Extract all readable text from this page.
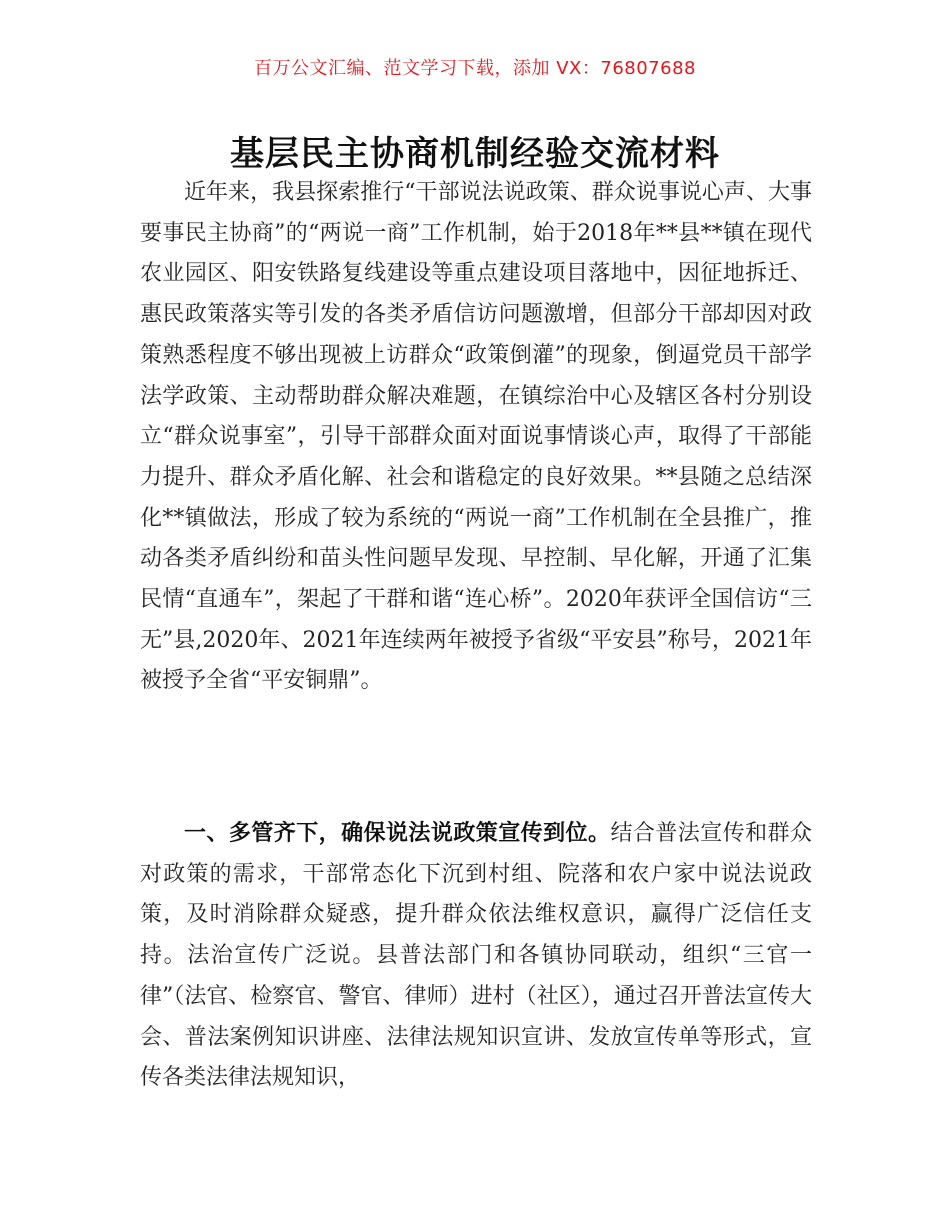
百万公文汇编、范文学习下载，添加 VX：76807688
基层民主协商机制经验交流材料

近年来，我县探索推行“干部说法说政策、群众说事说心声、大事要事民主协商”的“两说一商”工作机制，始于2018年**县**镇在现代农业园区、阳安铁路复线建设等重点建设项目落地中，因征地拆迁、惠民政策落实等引发的各类矛盾信访问题激增，但部分干部却因对政策熟悉程度不够出现被上访群众“政策倒灌”的现象，倒逼党员干部学法学政策、主动帮助群众解决难题，在镇综治中心及辖区各村分别设立“群众说事室”，引导干部群众面对面说事情谈心声，取得了干部能力提升、群众矛盾化解、社会和谐稳定的良好效果。**县随之总结深化**镇做法，形成了较为系统的“两说一商”工作机制在全县推广，推动各类矛盾纠纷和苗头性问题早发现、早控制、早化解，开通了汇集民情“直通车”，架起了干群和谐“连心桥”。2020年获评全国信访“三无”县,2020年、2021年连续两年被授予省级“平安县”称号，2021年被授予全省“平安铜鼎”。

一、多管齐下，确保说法说政策宣传到位。结合普法宣传和群众对政策的需求，干部常态化下沉到村组、院落和农户家中说法说政策，及时消除群众疑惑，提升群众依法维权意识，赢得广泛信任支持。法治宣传广泛说。县普法部门和各镇协同联动，组织“三官一律”（法官、检察官、警官、律师）进村（社区），通过召开普法宣传大会、普法案例知识讲座、法律法规知识宣讲、发放宣传单等形式，宣传各类法律法规知识，
